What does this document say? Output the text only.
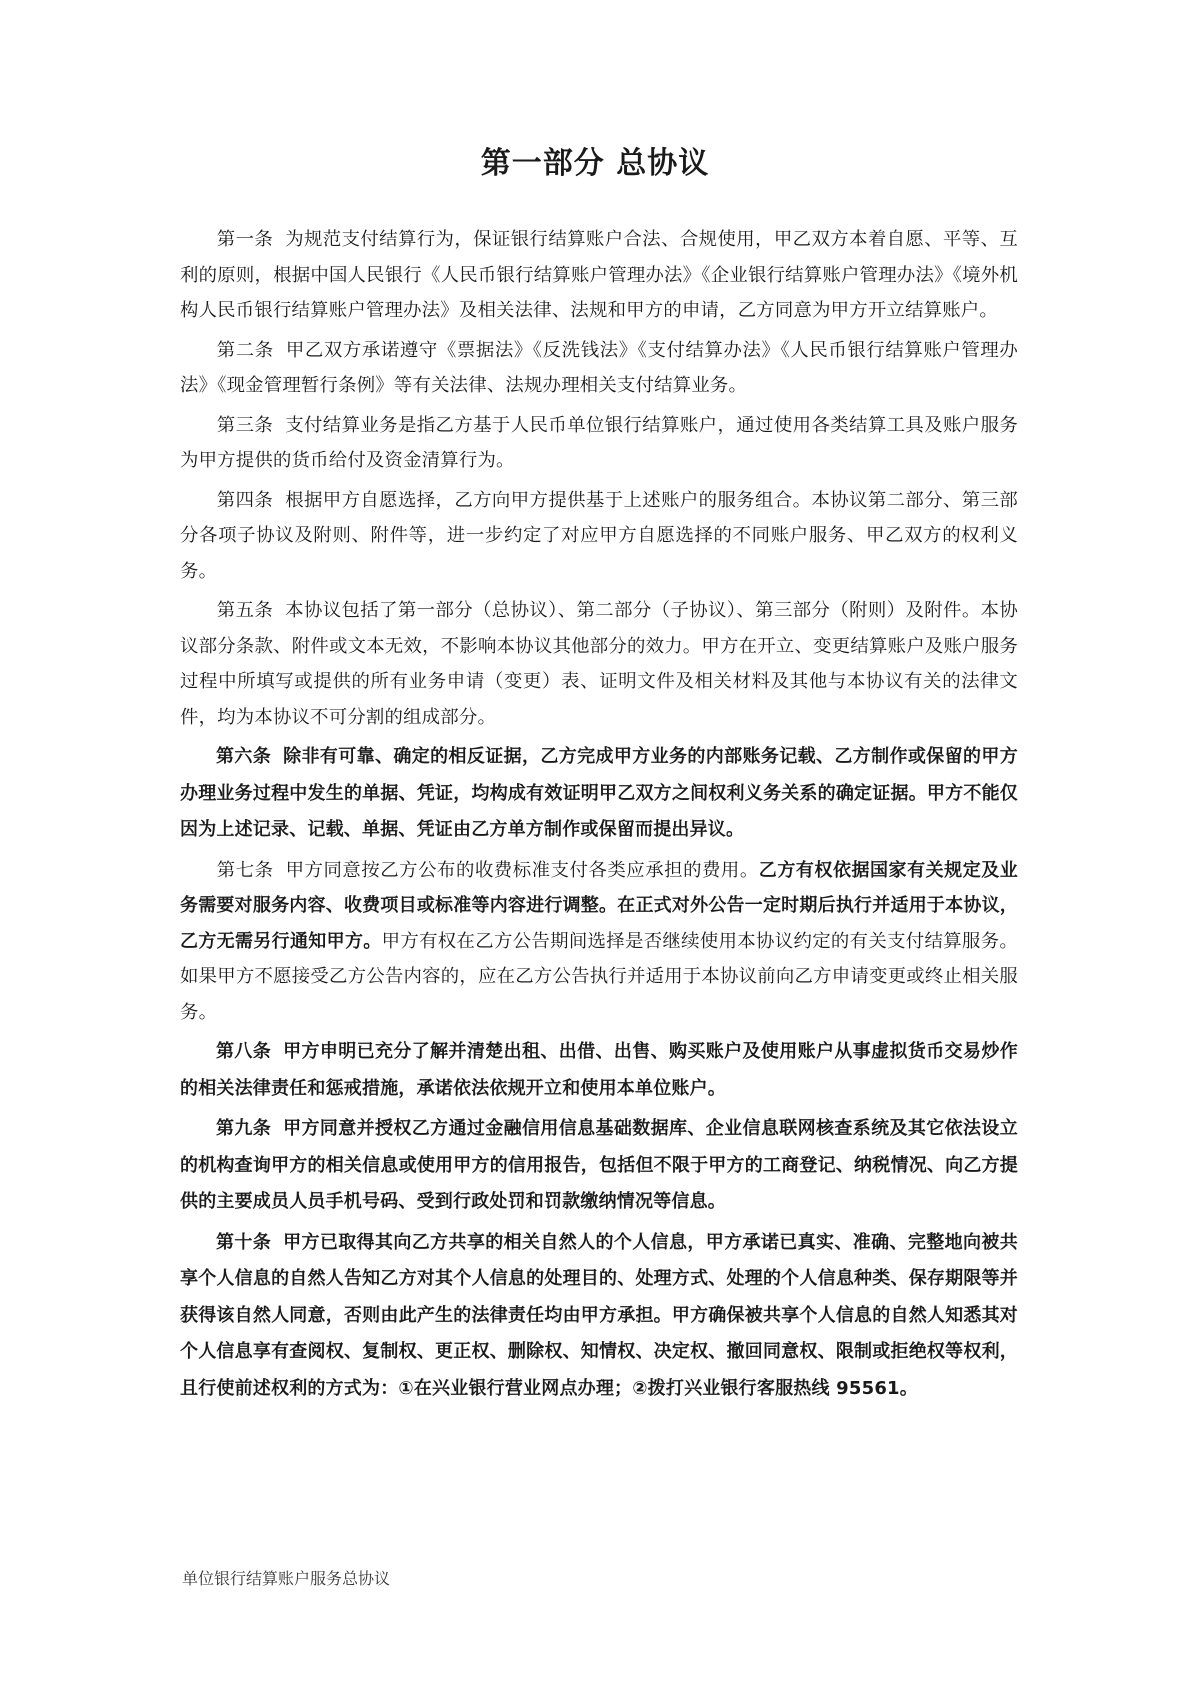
第一部分 总协议

第一条 为规范支付结算行为，保证银行结算账户合法、合规使用，甲乙双方本着自愿、平等、互利的原则，根据中国人民银行《人民币银行结算账户管理办法》《企业银行结算账户管理办法》《境外机构人民币银行结算账户管理办法》及相关法律、法规和甲方的申请，乙方同意为甲方开立结算账户。

第二条 甲乙双方承诺遵守《票据法》《反洗钱法》《支付结算办法》《人民币银行结算账户管理办法》《现金管理暂行条例》等有关法律、法规办理相关支付结算业务。

第三条 支付结算业务是指乙方基于人民币单位银行结算账户，通过使用各类结算工具及账户服务为甲方提供的货币给付及资金清算行为。

第四条 根据甲方自愿选择，乙方向甲方提供基于上述账户的服务组合。本协议第二部分、第三部分各项子协议及附则、附件等，进一步约定了对应甲方自愿选择的不同账户服务、甲乙双方的权利义务。

第五条 本协议包括了第一部分（总协议）、第二部分（子协议）、第三部分（附则）及附件。本协议部分条款、附件或文本无效，不影响本协议其他部分的效力。甲方在开立、变更结算账户及账户服务过程中所填写或提供的所有业务申请（变更）表、证明文件及相关材料及其他与本协议有关的法律文件，均为本协议不可分割的组成部分。

第六条 除非有可靠、确定的相反证据，乙方完成甲方业务的内部账务记载、乙方制作或保留的甲方办理业务过程中发生的单据、凭证，均构成有效证明甲乙双方之间权利义务关系的确定证据。甲方不能仅因为上述记录、记载、单据、凭证由乙方单方制作或保留而提出异议。

第七条 甲方同意按乙方公布的收费标准支付各类应承担的费用。乙方有权依据国家有关规定及业务需要对服务内容、收费项目或标准等内容进行调整。在正式对外公告一定时期后执行并适用于本协议，乙方无需另行通知甲方。甲方有权在乙方公告期间选择是否继续使用本协议约定的有关支付结算服务。如果甲方不愿接受乙方公告内容的，应在乙方公告执行并适用于本协议前向乙方申请变更或终止相关服务。

第八条 甲方申明已充分了解并清楚出租、出借、出售、购买账户及使用账户从事虚拟货币交易炒作的相关法律责任和惩戒措施，承诺依法依规开立和使用本单位账户。

第九条 甲方同意并授权乙方通过金融信用信息基础数据库、企业信息联网核查系统及其它依法设立的机构查询甲方的相关信息或使用甲方的信用报告，包括但不限于甲方的工商登记、纳税情况、向乙方提供的主要成员人员手机号码、受到行政处罚和罚款缴纳情况等信息。

第十条 甲方已取得其向乙方共享的相关自然人的个人信息，甲方承诺已真实、准确、完整地向被共享个人信息的自然人告知乙方对其个人信息的处理目的、处理方式、处理的个人信息种类、保存期限等并获得该自然人同意，否则由此产生的法律责任均由甲方承担。甲方确保被共享个人信息的自然人知悉其对个人信息享有查阅权、复制权、更正权、删除权、知情权、决定权、撤回同意权、限制或拒绝权等权利，且行使前述权利的方式为：①在兴业银行营业网点办理；②拨打兴业银行客服热线 95561。

单位银行结算账户服务总协议
